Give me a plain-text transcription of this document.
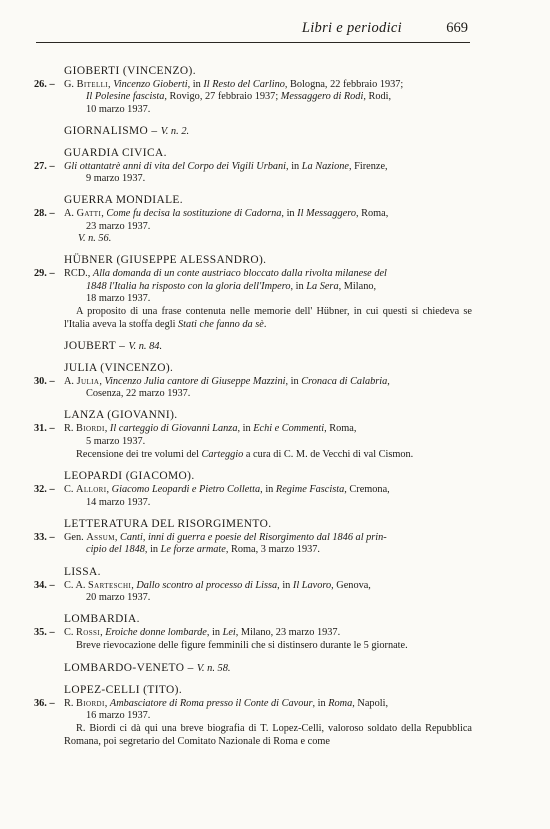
Libri e periodici	669
GIOBERTI (VINCENZO).
26. – G. Bitelli, Vincenzo Gioberti, in Il Resto del Carlino, Bologna, 22 febbraio 1937;
Il Polesine fascista, Rovigo, 27 febbraio 1937; Messaggero di Rodi, Rodi,
10 marzo 1937.
GIORNALISMO – V. n. 2.
GUARDIA CIVICA.
27. – Gli ottantatrè anni di vita del Corpo dei Vigili Urbani, in La Nazione, Firenze,
9 marzo 1937.
GUERRA MONDIALE.
28. – A. Gatti, Come fu decisa la sostituzione di Cadorna, in Il Messaggero, Roma,
23 marzo 1937.
V. n. 56.
HÜBNER (GIUSEPPE ALESSANDRO).
29. – RCD., Alla domanda di un conte austriaco bloccato dalla rivolta milanese del
1848 l'Italia ha risposto con la gloria dell'Impero, in La Sera, Milano,
18 marzo 1937.
A proposito di una frase contenuta nelle memorie dell' Hübner, in cui questi si chiedeva se l'Italia aveva la stoffa degli Stati che fanno da sè.
JOUBERT – V. n. 84.
JULIA (VINCENZO).
30. – A. Julia, Vincenzo Julia cantore di Giuseppe Mazzini, in Cronaca di Calabria,
Cosenza, 22 marzo 1937.
LANZA (GIOVANNI).
31. – R. Biordi, Il carteggio di Giovanni Lanza, in Echi e Commenti, Roma,
5 marzo 1937.
Recensione dei tre volumi del Carteggio a cura di C. M. de Vecchi di val Cismon.
LEOPARDI (GIACOMO).
32. – C. Allori, Giacomo Leopardi e Pietro Colletta, in Regime Fascista, Cremona,
14 marzo 1937.
LETTERATURA DEL RISORGIMENTO.
33. – Gen. Assum, Canti, inni di guerra e poesie del Risorgimento dal 1846 al prin-
cipio del 1848, in Le forze armate, Roma, 3 marzo 1937.
LISSA.
34. – C. A. Sarteschi, Dallo scontro al processo di Lissa, in Il Lavoro, Genova,
20 marzo 1937.
LOMBARDIA.
35. – C. Rossi, Eroiche donne lombarde, in Lei, Milano, 23 marzo 1937.
Breve rievocazione delle figure femminili che si distinsero durante le 5 giornate.
LOMBARDO-VENETO – V. n. 58.
LOPEZ-CELLI (TITO).
36. – R. Biordi, Ambasciatore di Roma presso il Conte di Cavour, in Roma, Napoli,
16 marzo 1937.
R. Biordi ci dà qui una breve biografia di T. Lopez-Celli, valoroso soldato della Repubblica Romana, poi segretario del Comitato Nazionale di Roma e come
